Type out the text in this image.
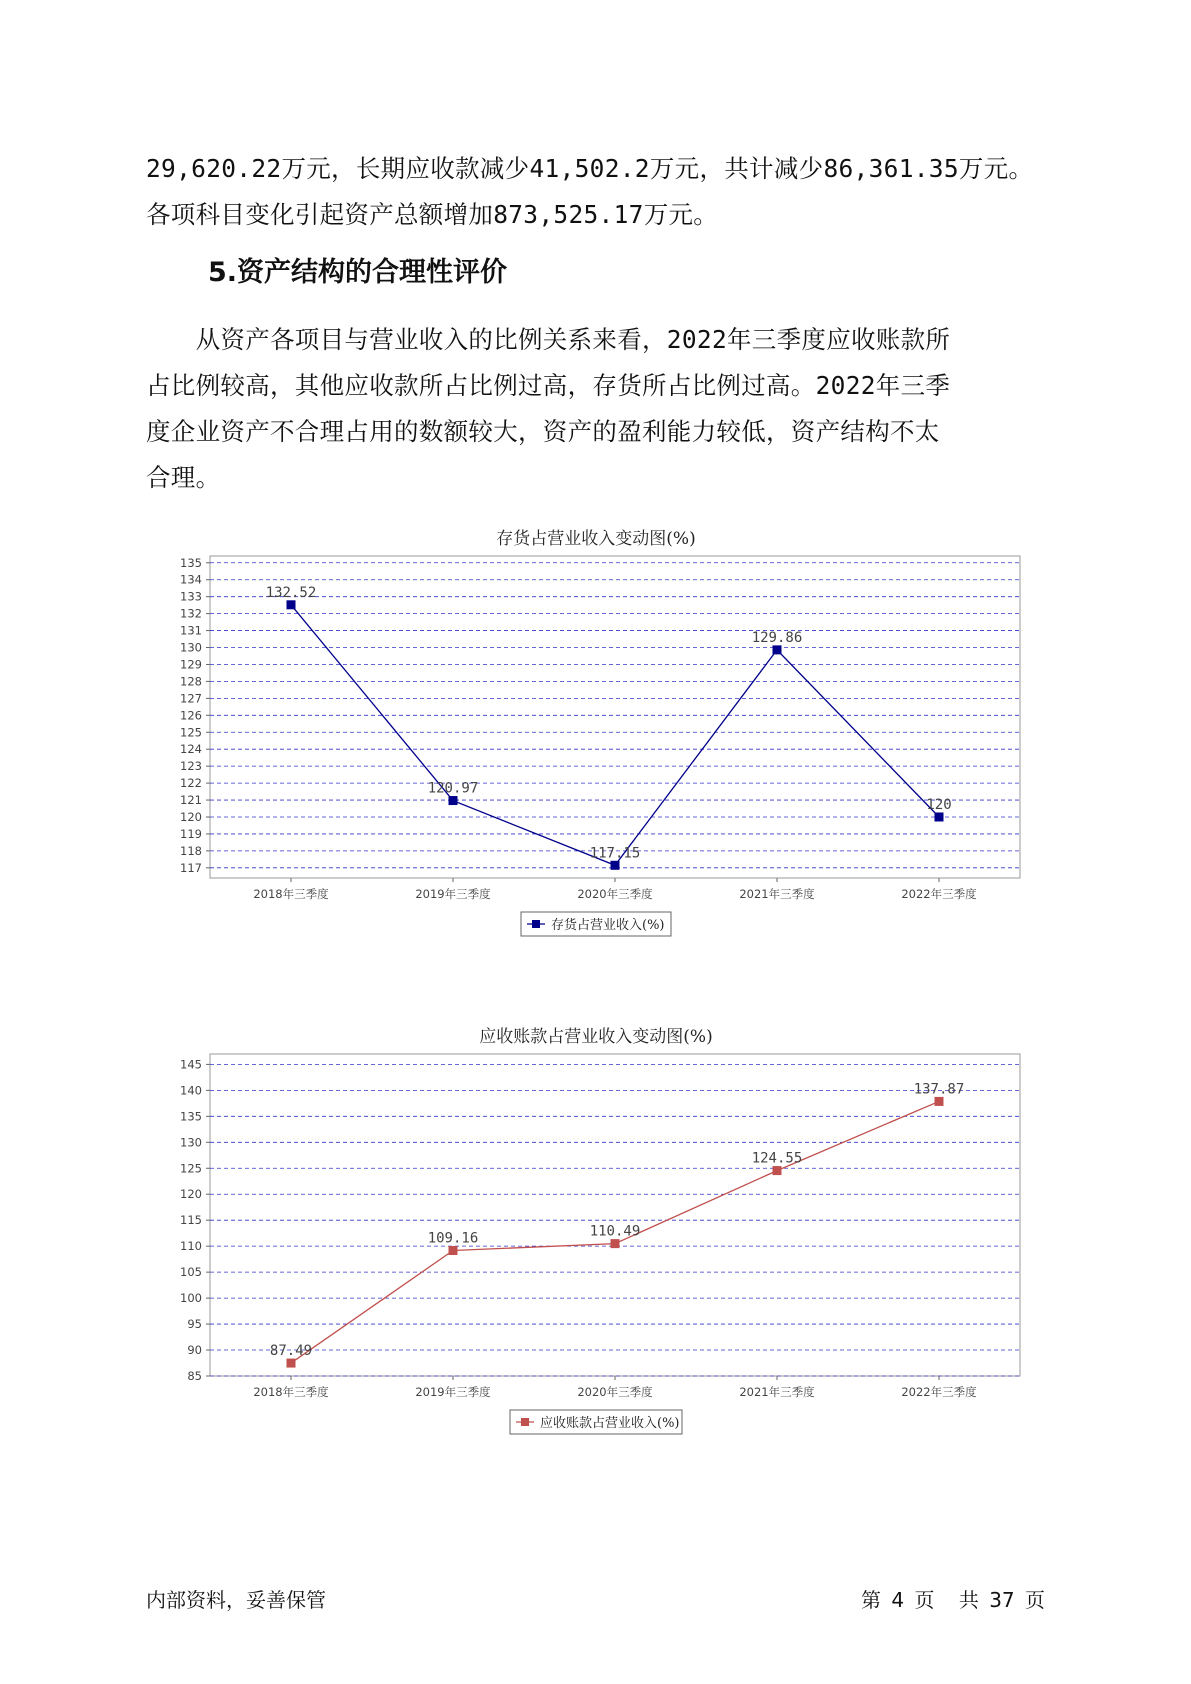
29,620.22万元，长期应收款减少41,502.2万元，共计减少86,361.35万元。

各项科目变化引起资产总额增加873,525.17万元。

5.资产结构的合理性评价

　　从资产各项目与营业收入的比例关系来看，2022年三季度应收账款所

占比例较高，其他应收款所占比例过高，存货所占比例过高。2022年三季

度企业资产不合理占用的数额较大，资产的盈利能力较低，资产结构不太

合理。

存货占营业收入变动图(%)
117
118
119
120
121
122
123
124
125
126
127
128
129
130
131
132
133
134
135
2018年三季度	2019年三季度	2020年三季度	2021年三季度	2022年三季度
132.52
120.97
117.15
129.86
120
存货占营业收入(%)
应收账款占营业收入变动图(%)
85
90
95
100
105
110
115
120
125
130
135
140
145
2018年三季度	2019年三季度	2020年三季度	2021年三季度	2022年三季度
87.49
109.16	110.49
124.55
137.87
应收账款占营业收入(%)
内部资料，妥善保管	第 4 页 共 37 页
